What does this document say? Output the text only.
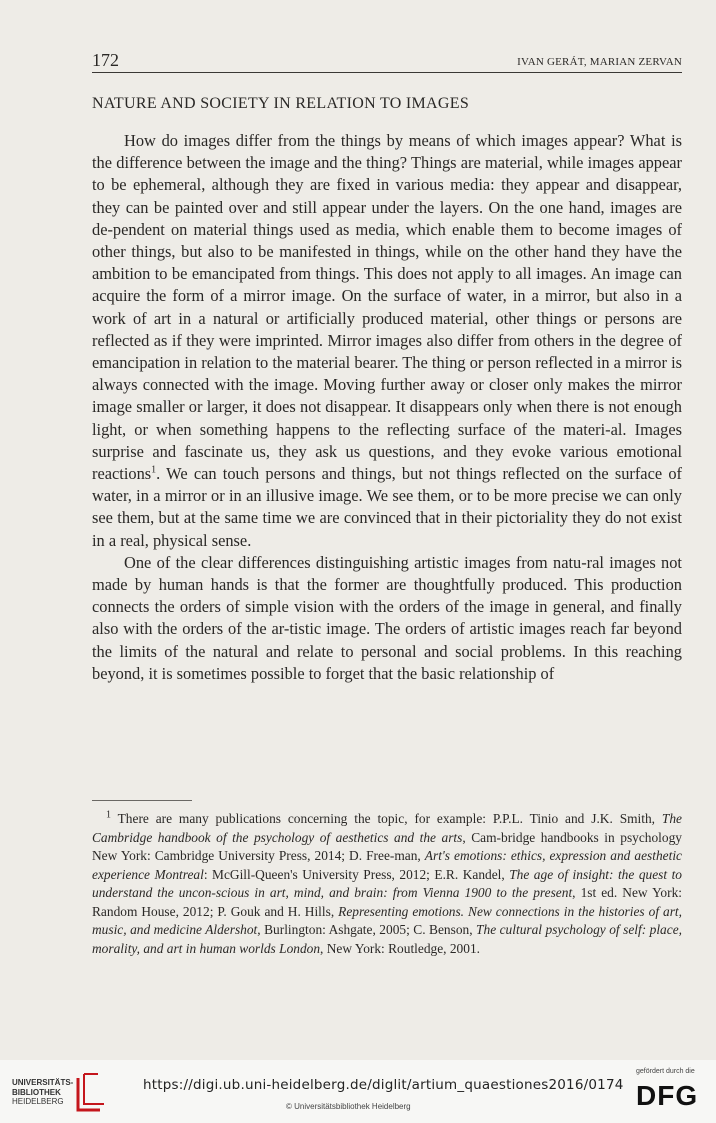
172	IVAN GERÁT, MARIAN ZERVAN
NATURE AND SOCIETY IN RELATION TO IMAGES

How do images differ from the things by means of which images appear? What is the difference between the image and the thing? Things are material, while images appear to be ephemeral, although they are fixed in various media: they appear and disappear, they can be painted over and still appear under the layers. On the one hand, images are de-pendent on material things used as media, which enable them to become images of other things, but also to be manifested in things, while on the other hand they have the ambition to be emancipated from things. This does not apply to all images. An image can acquire the form of a mirror image. On the surface of water, in a mirror, but also in a work of art in a natural or artificially produced material, other things or persons are reflected as if they were imprinted. Mirror images also differ from others in the degree of emancipation in relation to the material bearer. The thing or person reflected in a mirror is always connected with the image. Moving further away or closer only makes the mirror image smaller or larger, it does not disappear. It disappears only when there is not enough light, or when something happens to the reflecting surface of the materi-al. Images surprise and fascinate us, they ask us questions, and they evoke various emotional reactions$^1$. We can touch persons and things, but not things reflected on the surface of water, in a mirror or in an illusive image. We see them, or to be more precise we can only see them, but at the same time we are convinced that in their pictoriality they do not exist in a real, physical sense.

One of the clear differences distinguishing artistic images from natu-ral images not made by human hands is that the former are thoughtfully produced. This production connects the orders of simple vision with the orders of the image in general, and finally also with the orders of the ar-tistic image. The orders of artistic images reach far beyond the limits of the natural and relate to personal and social problems. In this reaching beyond, it is sometimes possible to forget that the basic relationship of

$^1$ There are many publications concerning the topic, for example: P.P.L. Tinio and J.K. Smith, The Cambridge handbook of the psychology of aesthetics and the arts, Cam-bridge handbooks in psychology New York: Cambridge University Press, 2014; D. Free-man, Art's emotions: ethics, expression and aesthetic experience Montreal: McGill-Queen's University Press, 2012; E.R. Kandel, The age of insight: the quest to understand the uncon-scious in art, mind, and brain: from Vienna 1900 to the present, 1st ed. New York: Random House, 2012; P. Gouk and H. Hills, Representing emotions. New connections in the histories of art, music, and medicine Aldershot, Burlington: Ashgate, 2005; C. Benson, The cultural psychology of self: place, morality, and art in human worlds London, New York: Routledge, 2001.
UNIVERSITÄTS-
BIBLIOTHEK
HEIDELBERG
https://digi.ub.uni-heidelberg.de/diglit/artium_quaestiones2016/0174
© Universitätsbibliothek Heidelberg
gefördert durch die
DFG
